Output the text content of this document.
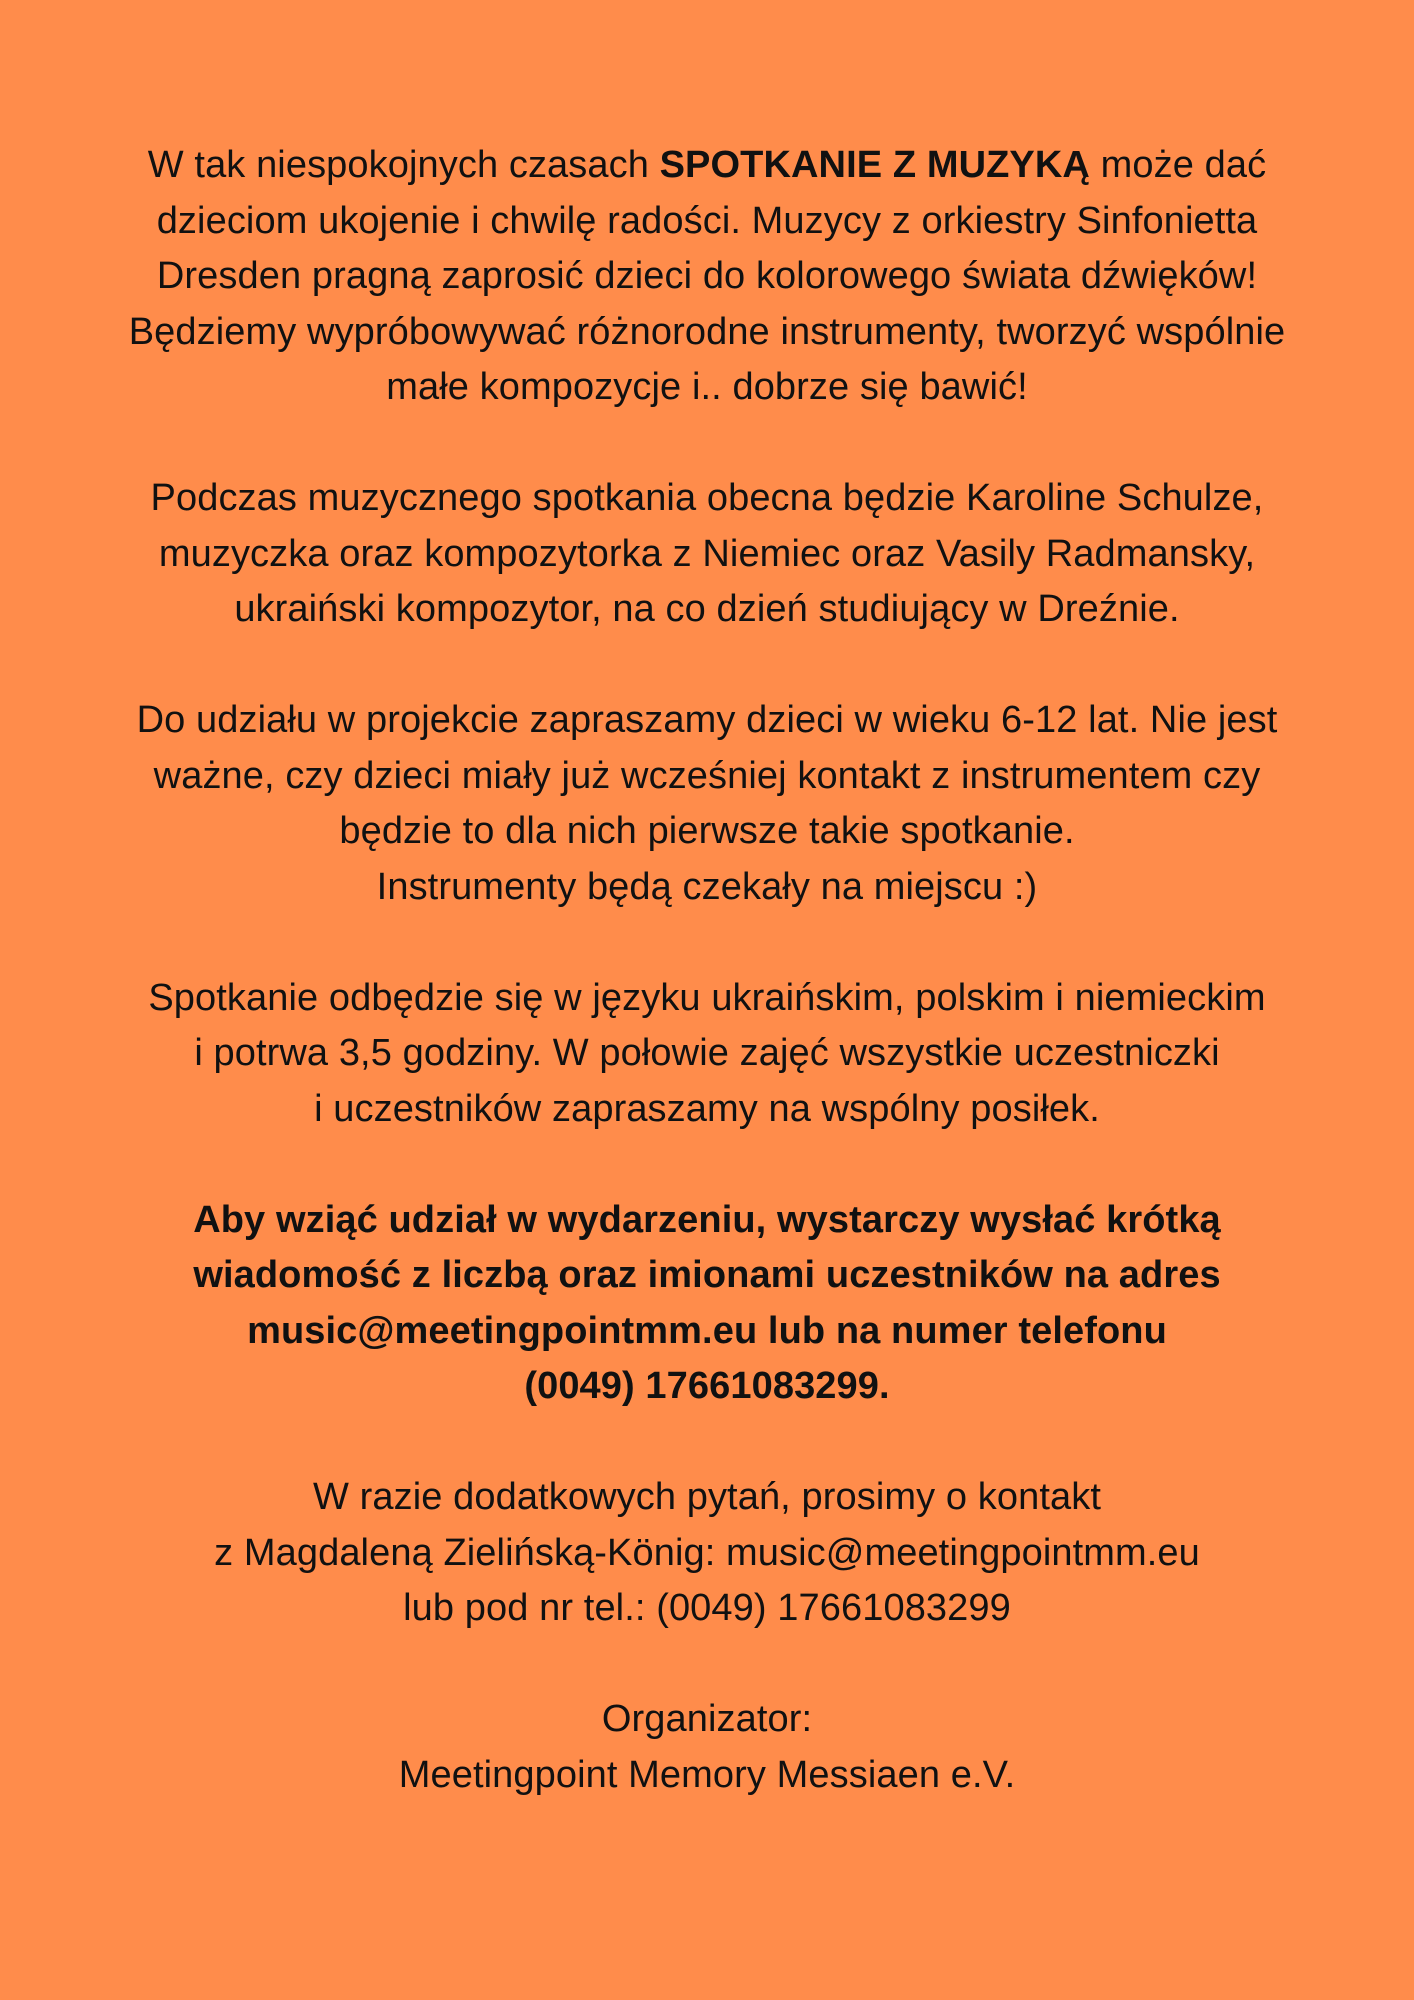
W tak niespokojnych czasach SPOTKANIE Z MUZYKĄ może dać
dzieciom ukojenie i chwilę radości. Muzycy z orkiestry Sinfonietta
Dresden pragną zaprosić dzieci do kolorowego świata dźwięków!
Będziemy wypróbowywać różnorodne instrumenty, tworzyć wspólnie
małe kompozycje i.. dobrze się bawić!

Podczas muzycznego spotkania obecna będzie Karoline Schulze,
muzyczka oraz kompozytorka z Niemiec oraz Vasily Radmansky,
ukraiński kompozytor, na co dzień studiujący w Dreźnie.

Do udziału w projekcie zapraszamy dzieci w wieku 6-12 lat. Nie jest
ważne, czy dzieci miały już wcześniej kontakt z instrumentem czy
będzie to dla nich pierwsze takie spotkanie.
Instrumenty będą czekały na miejscu :)

Spotkanie odbędzie się w języku ukraińskim, polskim i niemieckim
i potrwa 3,5 godziny. W połowie zajęć wszystkie uczestniczki
i uczestników zapraszamy na wspólny posiłek.

Aby wziąć udział w wydarzeniu, wystarczy wysłać krótką
wiadomość z liczbą oraz imionami uczestników na adres
music@meetingpointmm.eu lub na numer telefonu
(0049) 17661083299.

W razie dodatkowych pytań, prosimy o kontakt
z Magdaleną Zielińską-König: music@meetingpointmm.eu
lub pod nr tel.: (0049) 17661083299

Organizator:
Meetingpoint Memory Messiaen e.V.
